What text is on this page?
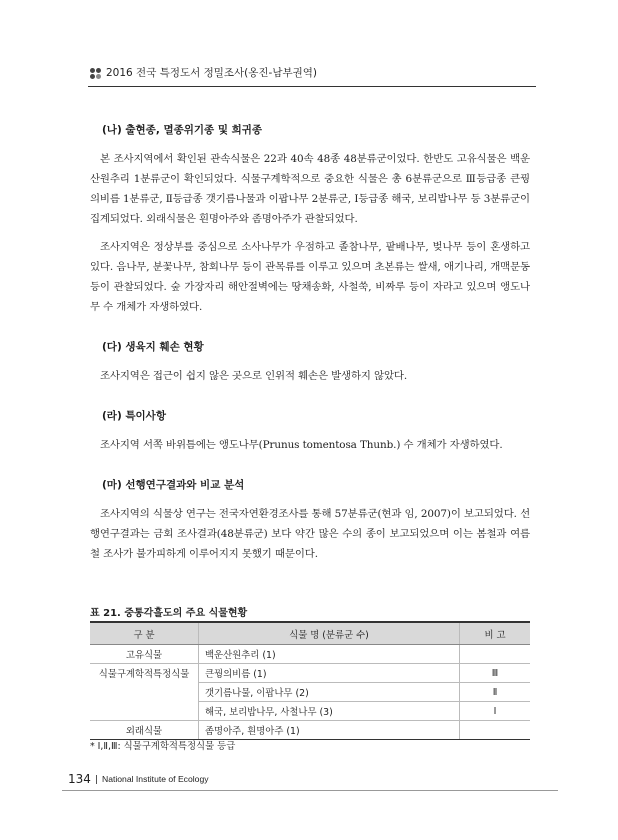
2016 전국 특정도서 정밀조사(옹진-남부권역)
(나) 출현종, 멸종위기종 및 희귀종

본 조사지역에서 확인된 관속식물은 22과 40속 48종 48분류군이었다. 한반도 고유식물은 백운산원추리 1분류군이 확인되었다. 식물구계학적으로 중요한 식물은 총 6분류군으로 Ⅲ등급종 큰꿩의비름 1분류군, Ⅱ등급종 갯기름나물과 이팝나무 2분류군, Ⅰ등급종 해국, 보리밥나무 등 3분류군이 집계되었다. 외래식물은 흰명아주와 좀명아주가 관찰되었다.

조사지역은 정상부를 중심으로 소사나무가 우점하고 졸참나무, 팥배나무, 벚나무 등이 혼생하고 있다. 음나무, 분꽃나무, 참회나무 등이 관목류를 이루고 있으며 초본류는 쌀새, 애기나리, 개맥문동 등이 관찰되었다. 숲 가장자리 해안절벽에는 땅채송화, 사철쑥, 비짜루 등이 자라고 있으며 앵도나무 수 개체가 자생하였다.

(다) 생육지 훼손 현황

조사지역은 접근이 쉽지 않은 곳으로 인위적 훼손은 발생하지 않았다.

(라) 특이사항

조사지역 서쪽 바위틈에는 앵도나무(Prunus tomentosa Thunb.) 수 개체가 자생하였다.

(마) 선행연구결과와 비교 분석

조사지역의 식물상 연구는 전국자연환경조사를 통해 57분류군(현과 임, 2007)이 보고되었다. 선행연구결과는 금회 조사결과(48분류군) 보다 약간 많은 수의 종이 보고되었으며 이는 봄철과 여름철 조사가 불가피하게 이루어지지 못했기 때문이다.

표 21. 중통각흘도의 주요 식물현황
구 분	식물 명 (분류군 수)	비 고
고유식물	백운산원추리 (1)	
식물구계학적특정식물	큰꿩의비름 (1)	Ⅲ
	갯기름나물, 이팝나무 (2)	Ⅱ
	해국, 보리밥나무, 사철나무 (3)	Ⅰ
외래식물	좀명아주, 흰명아주 (1)	
* Ⅰ,Ⅱ,Ⅲ: 식물구계학적특정식물 등급
134 National Institute of Ecology
